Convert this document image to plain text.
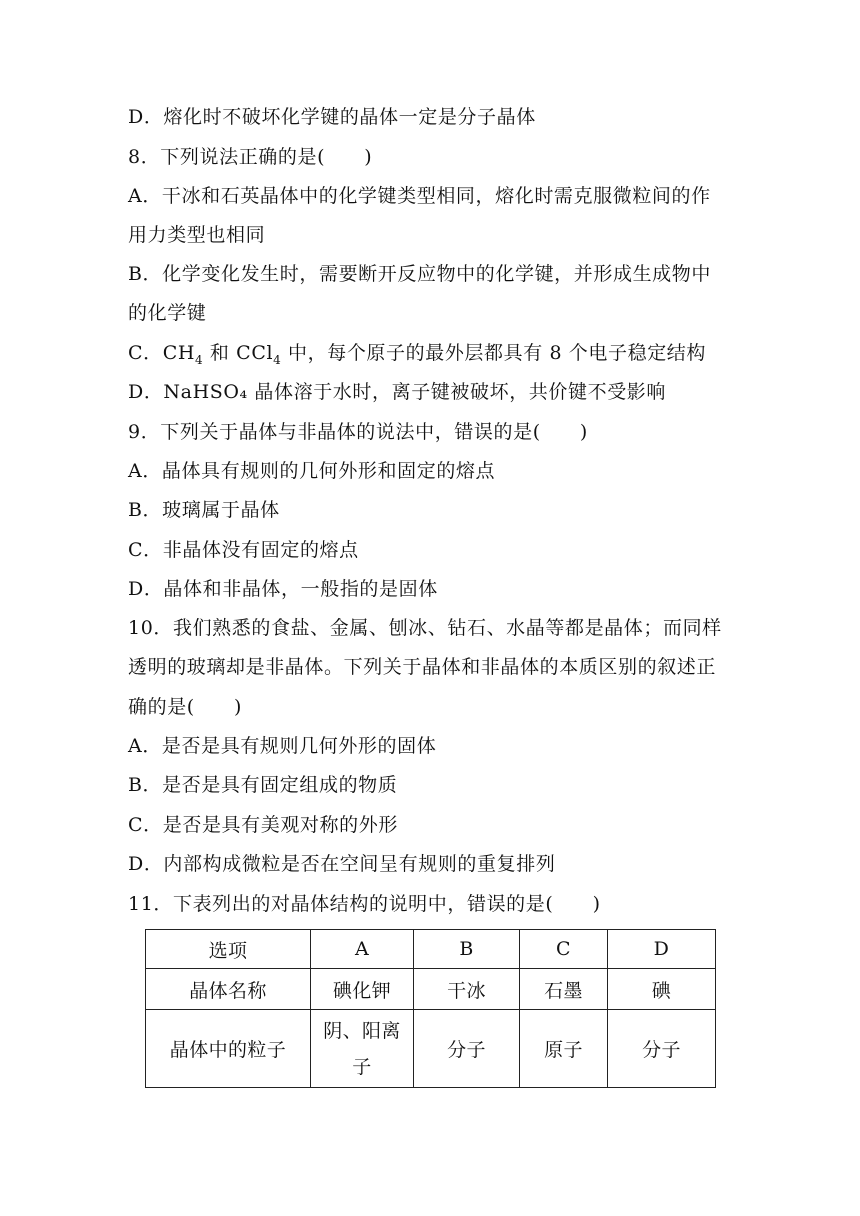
D．熔化时不破坏化学键的晶体一定是分子晶体
8．下列说法正确的是(　　)
A．干冰和石英晶体中的化学键类型相同，熔化时需克服微粒间的作
用力类型也相同
B．化学变化发生时，需要断开反应物中的化学键，并形成生成物中
的化学键
C．$CH_4$ 和 CCl$_4$ 中，每个原子的最外层都具有 8 个电子稳定结构
D．NaHSO₄ 晶体溶于水时，离子键被破坏，共价键不受影响
9．下列关于晶体与非晶体的说法中，错误的是(　　)
A．晶体具有规则的几何外形和固定的熔点
B．玻璃属于晶体
C．非晶体没有固定的熔点
D．晶体和非晶体，一般指的是固体
10．我们熟悉的食盐、金属、刨冰、钻石、水晶等都是晶体；而同样
透明的玻璃却是非晶体。下列关于晶体和非晶体的本质区别的叙述正
确的是(　　)
A．是否是具有规则几何外形的固体
B．是否是具有固定组成的物质
C．是否是具有美观对称的外形
D．内部构成微粒是否在空间呈有规则的重复排列
11．下表列出的对晶体结构的说明中，错误的是(　　)
选项	A	B	C	D
晶体名称	碘化钾	干冰	石墨	碘
晶体中的粒子	阴、阳离子	分子	原子	分子
